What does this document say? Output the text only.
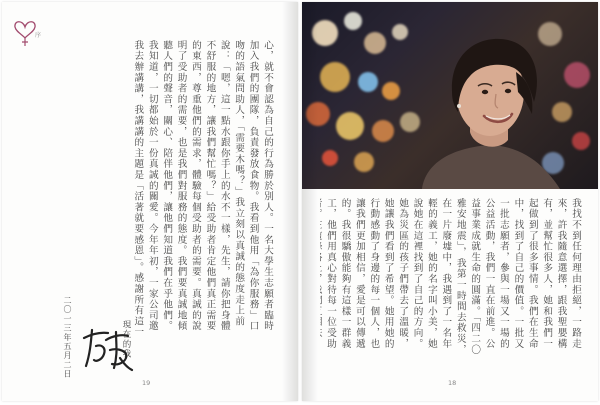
序
心，就不會認為自己的行為勝於別人。一名大學生志願者臨時加入我們的團隊，負責發放食物。我看到他用「為你服務」口吻的語氣問助人，「需要木嗎？」我立刻以真誠的態度走上前說：「嗯，這一點水跟你手上的水不一樣，先生，請你把身體不舒服的地方，讓我們幫忙嗎？」給受助者肯定他們真正需要的東西，尊重他們的需求，體驗每個受助者的需要。真誠的說明了受助者的需要，也是我們對服務的態度。我們要真誠地傾聽人們的聲音，關心、陪伴他們，讓他們知道我們在乎他們。我知道，一切都始於一份真誠的關愛。今年年初，一家公司邀我去辦講講，我講講的主題是「活著就要感恩」。感謝所有這一
現在的我
二〇一三年五月二日
19
我找不到任何理由拒絕，一路走來，許我隨意選擇，跟我聖嬰構有，並幫忙很多人，她和我們一起做到了很多事情。我們在生命中，找到了自己的價值。一批又一批志願者，參與一場又一場的公益活動，我們一直在前進。公益事業成就生命的圓滿。「四二〇雅安地震」，我第一時間去救災，在一片廢墟中，我遇到了一名年輕的義工，她的名字叫小美，她說她在這裡找到了自己的方向。她為災區的孩子們帶去了溫暖，她讓我們看到了希望。她用她的行動感動了身邊的每一個人，也讓我們更加相信，愛是可以傳遞的。我很驕傲能夠有這樣一群義工，他們用真心對待每一位受助
18
